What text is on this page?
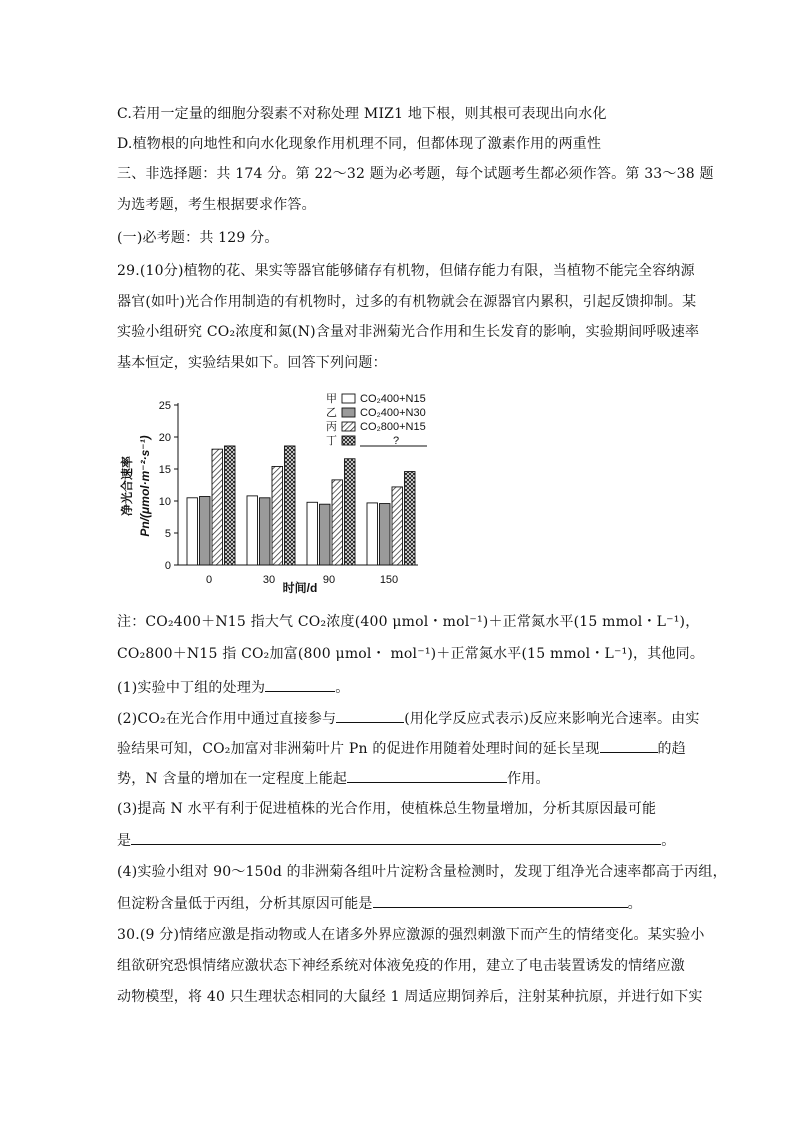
C.若用一定量的细胞分裂素不对称处理 MIZ1 地下根，则其根可表现出向水化
D.植物根的向地性和向水化现象作用机理不同，但都体现了激素作用的两重性
三、非选择题：共 174 分。第 22～32 题为必考题，每个试题考生都必须作答。第 33～38 题
为选考题，考生根据要求作答。
(一)必考题：共 129 分。
29.(10分)植物的花、果实等器官能够储存有机物，但储存能力有限，当植物不能完全容纳源
器官(如叶)光合作用制造的有机物时，过多的有机物就会在源器官内累积，引起反馈抑制。某
实验小组研究 CO₂浓度和氮(N)含量对非洲菊光合作用和生长发育的影响，实验期间呼吸速率
基本恒定，实验结果如下。回答下列问题：
注：CO₂400＋N15 指大气 CO₂浓度(400 μmol・mol⁻¹)＋正常氮水平(15 mmol・L⁻¹)，
CO₂800＋N15 指 CO₂加富(800 μmol・ mol⁻¹)＋正常氮水平(15 mmol・L⁻¹)，其他同。
(1)实验中丁组的处理为	。
(2)CO₂在光合作用中通过直接参与	(用化学反应式表示)反应来影响光合速率。由实
验结果可知，CO₂加富对非洲菊叶片 Pn 的促进作用随着处理时间的延长呈现	的趋
势，N 含量的增加在一定程度上能起	作用。
(3)提高 N 水平有利于促进植株的光合作用，使植株总生物量增加，分析其原因最可能
是	。
(4)实验小组对 90～150d 的非洲菊各组叶片淀粉含量检测时，发现丁组净光合速率都高于丙组，
但淀粉含量低于丙组，分析其原因可能是	。
30.(9 分)情绪应激是指动物或人在诸多外界应激源的强烈刺激下而产生的情绪变化。某实验小
组欲研究恐惧情绪应激状态下神经系统对体液免疫的作用，建立了电击装置诱发的情绪应激
动物模型，将 40 只生理状态相同的大鼠经 1 周适应期饲养后，注射某种抗原，并进行如下实
0
5
10
15
20
25
0	30	90	150
时间/d
净光合速率 Pn/(μmol·m⁻²·s⁻¹)
甲 CO₂400+N15
乙 CO₂400+N30
丙 CO₂800+N15
丁	?
